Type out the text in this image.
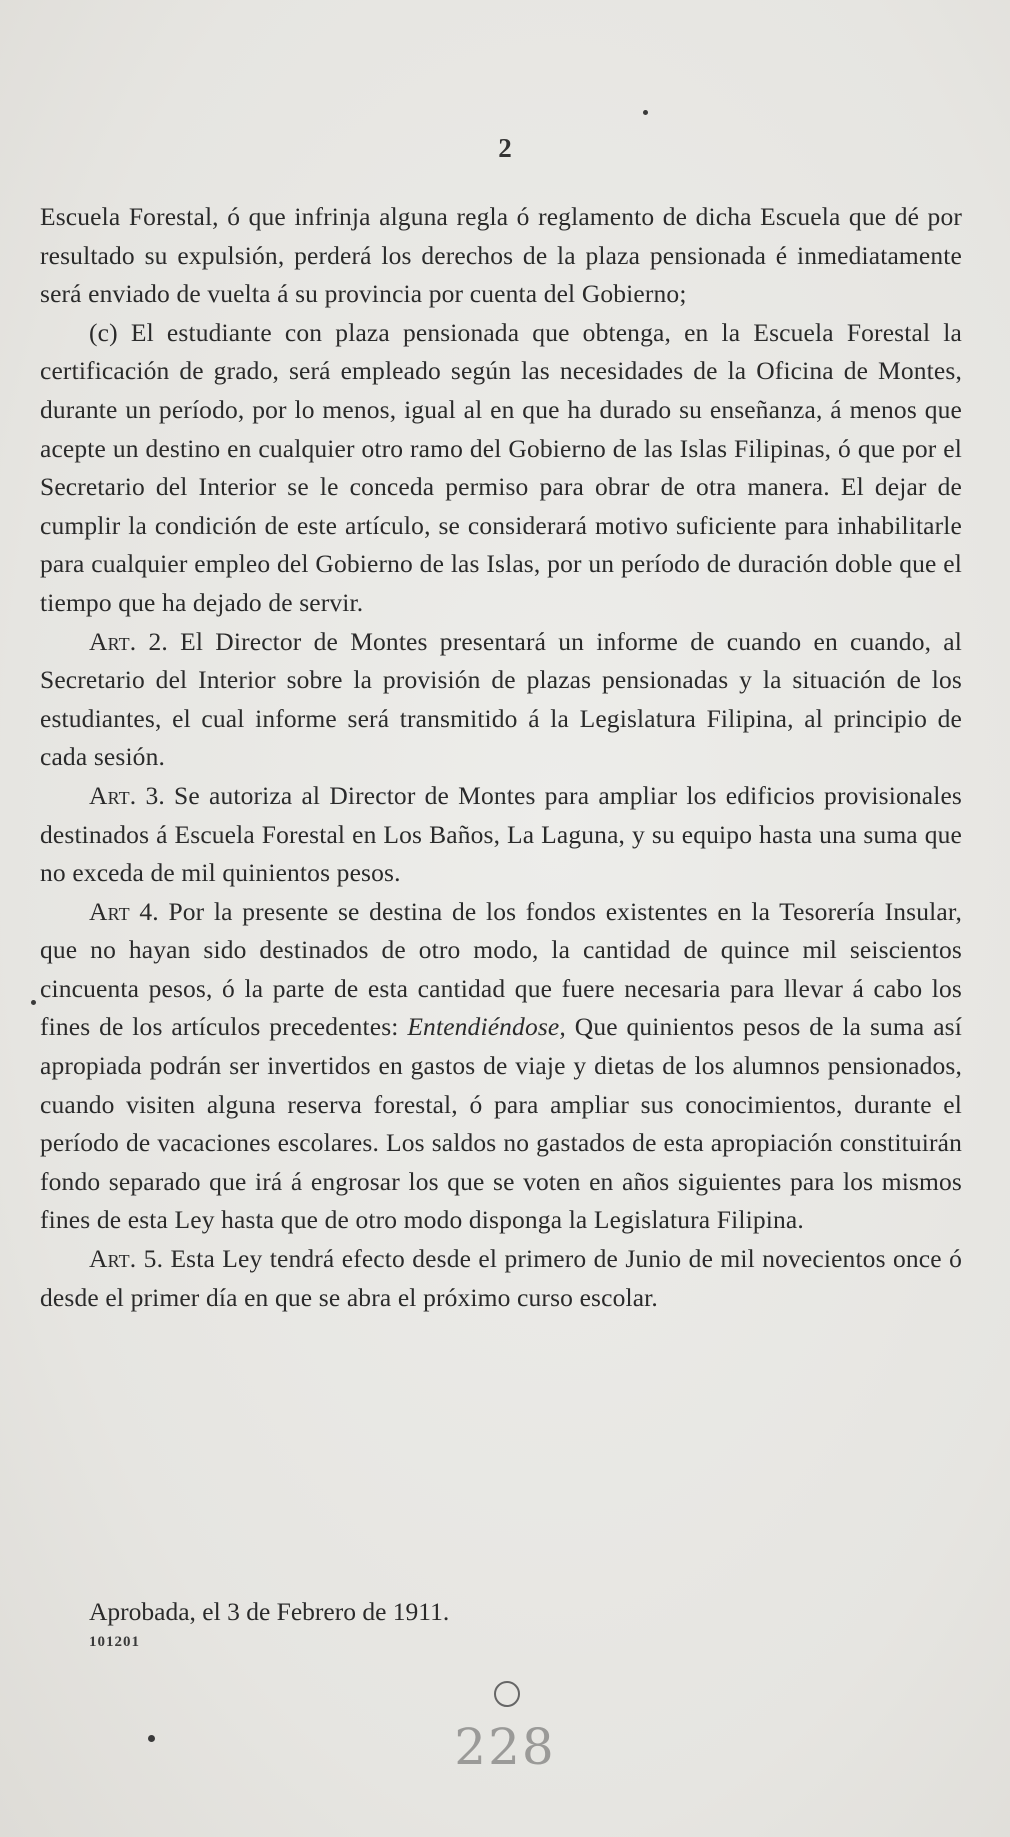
2

Escuela Forestal, ó que infrinja alguna regla ó reglamento de dicha Escuela que dé por resultado su expulsión, perderá los derechos de la plaza pensionada é inmediatamente será enviado de vuelta á su provincia por cuenta del Gobierno;

(c) El estudiante con plaza pensionada que obtenga, en la Escuela Forestal la certificación de grado, será empleado según las necesidades de la Oficina de Montes, durante un período, por lo menos, igual al en que ha durado su enseñanza, á menos que acepte un destino en cualquier otro ramo del Gobierno de las Islas Filipinas, ó que por el Secretario del Interior se le conceda permiso para obrar de otra manera. El dejar de cumplir la condición de este artículo, se considerará motivo suficiente para inhabilitarle para cualquier empleo del Gobierno de las Islas, por un período de duración doble que el tiempo que ha dejado de servir.

Art. 2. El Director de Montes presentará un informe de cuando en cuando, al Secretario del Interior sobre la provisión de plazas pensionadas y la situación de los estudiantes, el cual informe será transmitido á la Legislatura Filipina, al principio de cada sesión.

Art. 3. Se autoriza al Director de Montes para ampliar los edificios provisionales destinados á Escuela Forestal en Los Baños, La Laguna, y su equipo hasta una suma que no exceda de mil quinientos pesos.

Art 4. Por la presente se destina de los fondos existentes en la Tesorería Insular, que no hayan sido destinados de otro modo, la cantidad de quince mil seiscientos cincuenta pesos, ó la parte de esta cantidad que fuere necesaria para llevar á cabo los fines de los artículos precedentes: Entendiéndose, Que quinientos pesos de la suma así apropiada podrán ser invertidos en gastos de viaje y dietas de los alumnos pensionados, cuando visiten alguna reserva forestal, ó para ampliar sus conocimientos, durante el período de vacaciones escolares. Los saldos no gastados de esta apropiación constituirán fondo separado que irá á engrosar los que se voten en años siguientes para los mismos fines de esta Ley hasta que de otro modo disponga la Legislatura Filipina.

Art. 5. Esta Ley tendrá efecto desde el primero de Junio de mil novecientos once ó desde el primer día en que se abra el próximo curso escolar.

Aprobada, el 3 de Febrero de 1911.
101201
228
